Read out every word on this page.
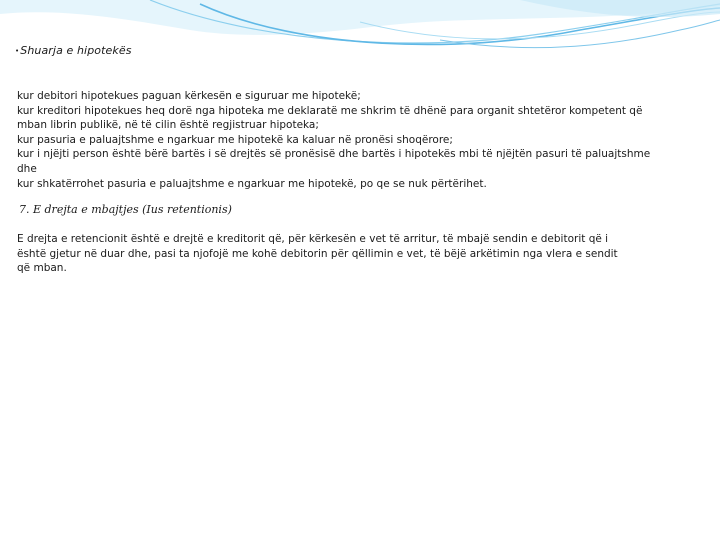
•Shuarja e hipotekës
kur debitori hipotekues paguan kërkesën e siguruar me hipotekë;
kur kreditori hipotekues heq dorë nga hipoteka me deklaratë me shkrim të dhënë para organit shtetëror kompetent që mban librin publikë, në të cilin është regjistruar hipoteka;
kur pasuria e paluajtshme e ngarkuar me hipotekë ka kaluar në pronësi shoqërore;
kur i njëjti person është bërë bartës i së drejtës së pronësisë dhe bartës i hipotekës mbi të njëjtën pasuri të paluajtshme dhe
kur shkatërrohet pasuria e paluajtshme e ngarkuar me hipotekë, po qe se nuk përtërihet.
7. E drejta e mbajtjes (Ius retentionis)

E drejta e retencionit është e drejtë e kreditorit që, për kërkesën e vet të arritur, të mbajë sendin e debitorit që i është gjetur në duar dhe, pasi ta njofojë me kohë debitorin për qëllimin e vet, të bëjë arkëtimin nga vlera e sendit që mban.
